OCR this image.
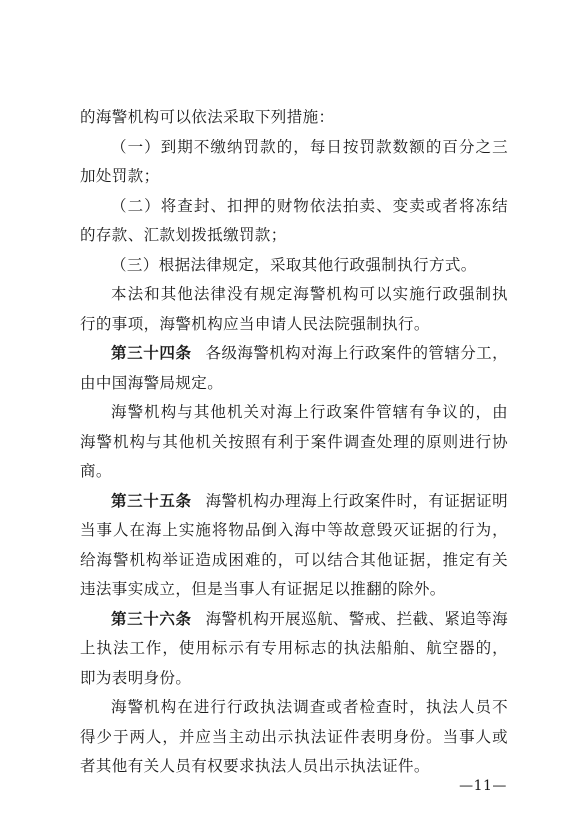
的海警机构可以依法采取下列措施：

（一）到期不缴纳罚款的，每日按罚款数额的百分之三加处罚款；

（二）将查封、扣押的财物依法拍卖、变卖或者将冻结的存款、汇款划拨抵缴罚款；

（三）根据法律规定，采取其他行政强制执行方式。

本法和其他法律没有规定海警机构可以实施行政强制执行的事项，海警机构应当申请人民法院强制执行。

第三十四条 各级海警机构对海上行政案件的管辖分工，由中国海警局规定。

海警机构与其他机关对海上行政案件管辖有争议的，由海警机构与其他机关按照有利于案件调查处理的原则进行协商。

第三十五条 海警机构办理海上行政案件时，有证据证明当事人在海上实施将物品倒入海中等故意毁灭证据的行为，给海警机构举证造成困难的，可以结合其他证据，推定有关违法事实成立，但是当事人有证据足以推翻的除外。

第三十六条 海警机构开展巡航、警戒、拦截、紧追等海上执法工作，使用标示有专用标志的执法船舶、航空器的，即为表明身份。

海警机构在进行行政执法调查或者检查时，执法人员不得少于两人，并应当主动出示执法证件表明身份。当事人或者其他有关人员有权要求执法人员出示执法证件。

—11—
